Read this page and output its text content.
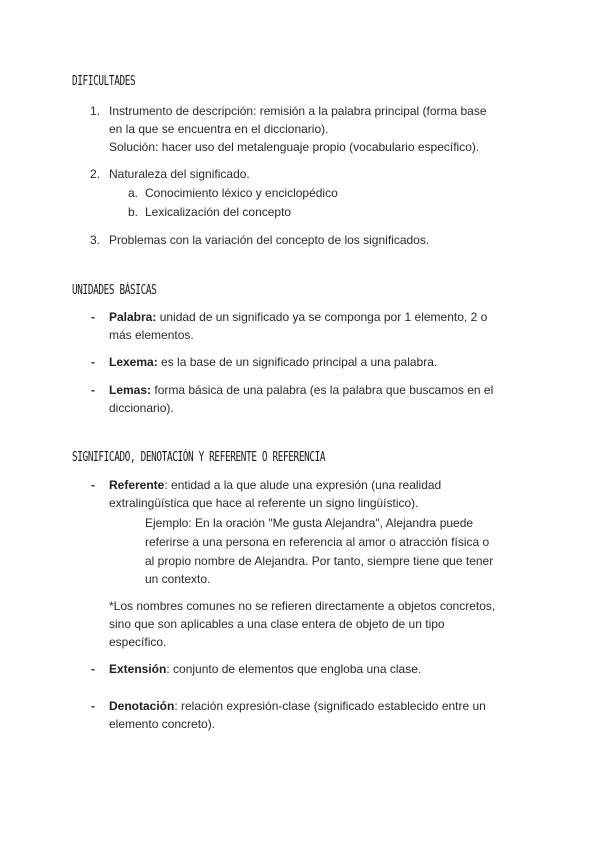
DIFICULTADES
1. Instrumento de descripción: remisión a la palabra principal (forma base
en la que se encuentra en el diccionario).
Solución: hacer uso del metalenguaje propio (vocabulario específico).
2. Naturaleza del significado.
a. Conocimiento léxico y enciclopédico
b. Lexicalización del concepto
3. Problemas con la variación del concepto de los significados.
UNIDADES BÁSICAS
- Palabra: unidad de un significado ya se componga por 1 elemento, 2 o
más elementos.
- Lexema: es la base de un significado principal a una palabra.
- Lemas: forma básica de una palabra (es la palabra que buscamos en el
diccionario).
SIGNIFICADO, DENOTACIÓN Y REFERENTE O REFERENCIA
- Referente: entidad a la que alude una expresión (una realidad
extralingüística que hace al referente un signo lingüístico).
Ejemplo: En la oración "Me gusta Alejandra", Alejandra puede
referirse a una persona en referencia al amor o atracción física o
al propio nombre de Alejandra. Por tanto, siempre tiene que tener
un contexto.
*Los nombres comunes no se refieren directamente a objetos concretos,
sino que son aplicables a una clase entera de objeto de un tipo
específico.
- Extensión: conjunto de elementos que engloba una clase.
- Denotación: relación expresión-clase (significado establecido entre un
elemento concreto).
